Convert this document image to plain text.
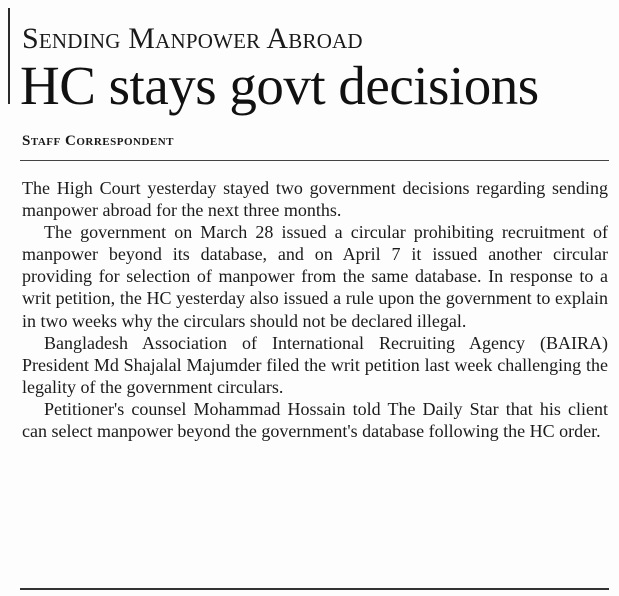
Sending Manpower Abroad
HC stays govt decisions
Staff Correspondent

The High Court yesterday stayed two government decisions regarding sending manpower abroad for the next three months.

The government on March 28 issued a circular prohibiting recruitment of manpower beyond its database, and on April 7 it issued another circular providing for selection of manpower from the same database. In response to a writ petition, the HC yesterday also issued a rule upon the government to explain in two weeks why the circulars should not be declared illegal.

Bangladesh Association of International Recruiting Agency (BAIRA) President Md Shajalal Majumder filed the writ petition last week challenging the legality of the government circulars.

Petitioner's counsel Mohammad Hossain told The Daily Star that his client can select manpower beyond the government's database following the HC order.
